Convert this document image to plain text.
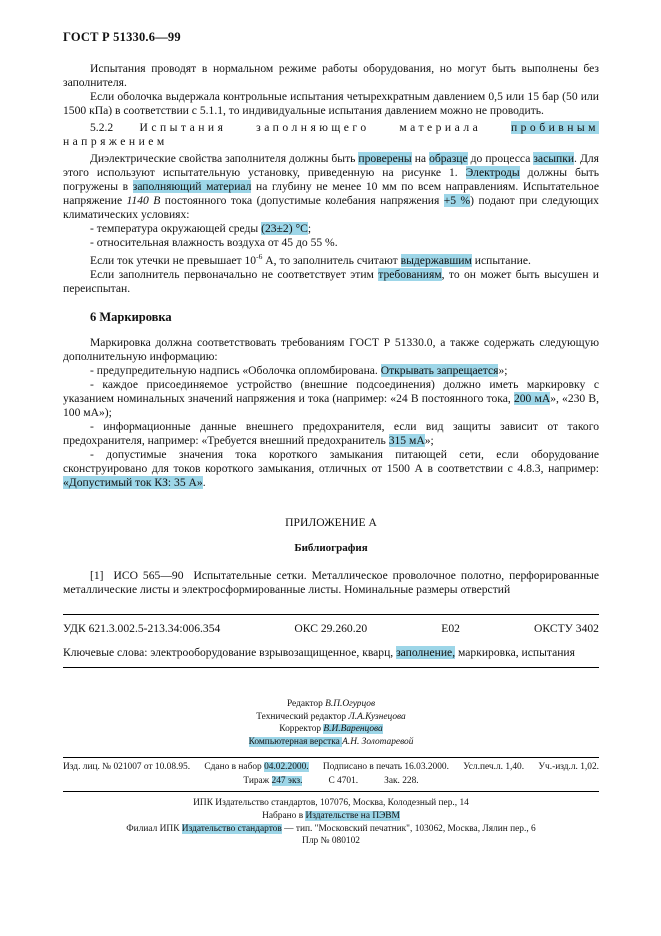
ГОСТ Р 51330.6—99

Испытания проводят в нормальном режиме работы оборудования, но могут быть выполнены без заполнителя.

Если оболочка выдержала контрольные испытания четырехкратным давлением 0,5 или 15 бар (50 или 1500 кПа) в соответствии с 5.1.1, то индивидуальные испытания давлением можно не проводить.

5.2.2 Испытания заполняющего материала пробивным напряжением

Диэлектрические свойства заполнителя должны быть проверены на образце до процесса засыпки. Для этого используют испытательную установку, приведенную на рисунке 1. Электроды должны быть погружены в заполняющий материал на глубину не менее 10 мм по всем направлениям. Испытательное напряжение 1140 В постоянного тока (допустимые колебания напряжения +5 %) подают при следующих климатических условиях:

- температура окружающей среды (23±2) °С;

- относительная влажность воздуха от 45 до 55 %.

Если ток утечки не превышает $10^{-6}$ А, то заполнитель считают выдержавшим испытание.

Если заполнитель первоначально не соответствует этим требованиям, то он может быть высушен и переиспытан.

6 Маркировка

Маркировка должна соответствовать требованиям ГОСТ Р 51330.0, а также содержать следующую дополнительную информацию:

- предупредительную надпись «Оболочка опломбирована. Открывать запрещается»;

- каждое присоединяемое устройство (внешние подсоединения) должно иметь маркировку с указанием номинальных значений напряжения и тока (например: «24 В постоянного тока, 200 мА», «230 В, 100 мА»);

- информационные данные внешнего предохранителя, если вид защиты зависит от такого предохранителя, например: «Требуется внешний предохранитель 315 мА»;

- допустимые значения тока короткого замыкания питающей сети, если оборудование сконструировано для токов короткого замыкания, отличных от 1500 А в соответствии с 4.8.3, например: «Допустимый ток КЗ: 35 А».

ПРИЛОЖЕНИЕ А
Библиография

[1]  ИСО 565—90  Испытательные сетки. Металлическое проволочное полотно, перфорированные металлические листы и электросформированные листы. Номинальные размеры отверстий

УДК 621.3.002.5-213.34:006.354	ОКС 29.260.20	Е02	ОКСТУ 3402

Ключевые слова: электрооборудование взрывозащищенное, кварц, заполнение, маркировка, испытания

Редактор В.П.Огурцов
Технический редактор Л.А.Кузнецова
Корректор В.И.Варенцова
Компьютерная верстка А.Н. Золотаревой
Изд. лиц. № 021007 от 10.08.95. Сдано в набор 04.02.2000. Подписано в печать 16.03.2000. Усл.печ.л. 1,40. Уч.-изд.л. 1,02.
Тираж 247 экз.	С 4701.	Зак. 228.
ИПК Издательство стандартов, 107076, Москва, Колодезный пер., 14
Набрано в Издательстве на ПЭВМ
Филиал ИПК Издательство стандартов — тип. "Московский печатник", 103062, Москва, Лялин пер., 6
Плр № 080102
